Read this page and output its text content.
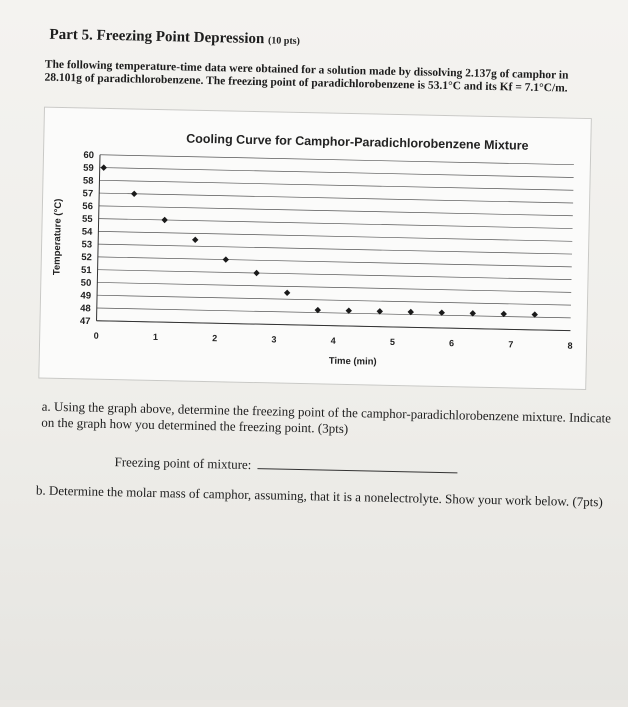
Part 5. Freezing Point Depression (10 pts)
The following temperature-time data were obtained for a solution made by dissolving 2.137g of camphor in 28.101g of paradichlorobenzene. The freezing point of paradichlorobenzene is 53.1°C and its Kf = 7.1°C/m.
Cooling Curve for Camphor-Paradichlorobenzene Mixture
60
59
58
57
56
55
54
53
52
51
50
49
48
47
0	1	2	3	4	5	6	7	8
Time (min)
Temperature (°C)
a. Using the graph above, determine the freezing point of the camphor-paradichlorobenzene mixture. Indicate on the graph how you determined the freezing point. (3pts)
Freezing point of mixture:
b. Determine the molar mass of camphor, assuming, that it is a nonelectrolyte. Show your work below. (7pts)
